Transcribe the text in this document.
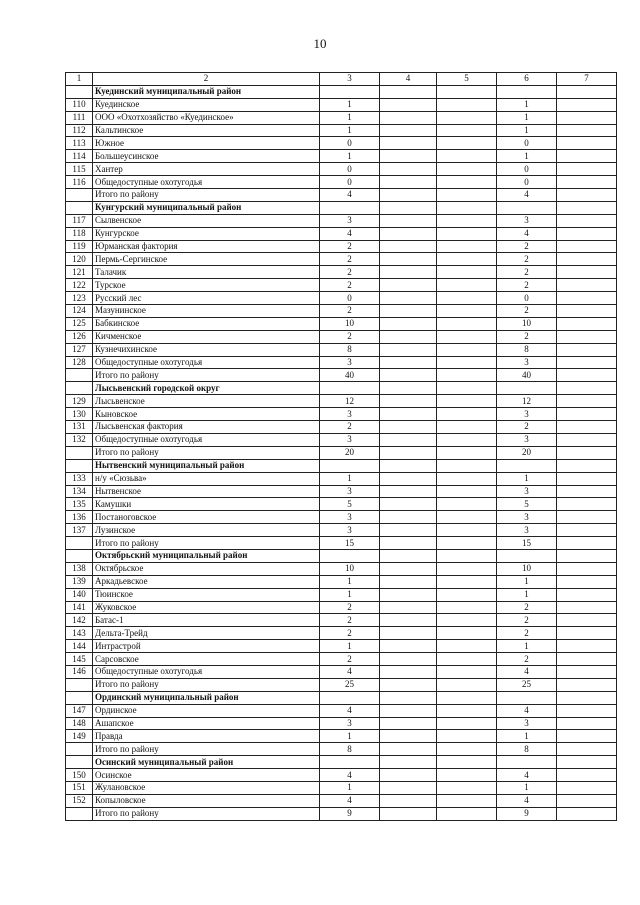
10
1	2	3	4	5	6	7
	Куединский муниципальный район					
110	Куединское	1			1	
111	ООО «Охотхозяйство «Куединское»	1			1	
112	Кальтинское	1			1	
113	Южное	0			0	
114	Большеусинское	1			1	
115	Хантер	0			0	
116	Общедоступные охотугодья	0			0	
	Итого по району	4			4	
	Кунгурский муниципальный район					
117	Сылвенское	3			3	
118	Кунгурское	4			4	
119	Юрманская фактория	2			2	
120	Пермь-Сергинское	2			2	
121	Талачик	2			2	
122	Турское	2			2	
123	Русский лес	0			0	
124	Мазунинское	2			2	
125	Бабкинское	10			10	
126	Кичменское	2			2	
127	Кузнечихинское	8			8	
128	Общедоступные охотугодья	3			3	
	Итого по району	40			40	
	Лысьвенский городской округ					
129	Лысьвенское	12			12	
130	Кыновское	3			3	
131	Лысьвенская фактория	2			2	
132	Общедоступные охотугодья	3			3	
	Итого по району	20			20	
	Нытвенский муниципальный район					
133	н/у «Сюзьва»	1			1	
134	Нытвенское	3			3	
135	Камушки	5			5	
136	Постаноговское	3			3	
137	Лузинское	3			3	
	Итого по району	15			15	
	Октябрьский муниципальный район					
138	Октябрьское	10			10	
139	Аркадьевское	1			1	
140	Тюинское	1			1	
141	Жуковское	2			2	
142	Батас-1	2			2	
143	Дельта-Трейд	2			2	
144	Интрастрой	1			1	
145	Сарсовское	2			2	
146	Общедоступные охотугодья	4			4	
	Итого по району	25			25	
	Ординский муниципальный район					
147	Ординское	4			4	
148	Ашапское	3			3	
149	Правда	1			1	
	Итого по району	8			8	
	Осинский муниципальный район					
150	Осинское	4			4	
151	Жулановское	1			1	
152	Копыловское	4			4	
	Итого по району	9			9	
